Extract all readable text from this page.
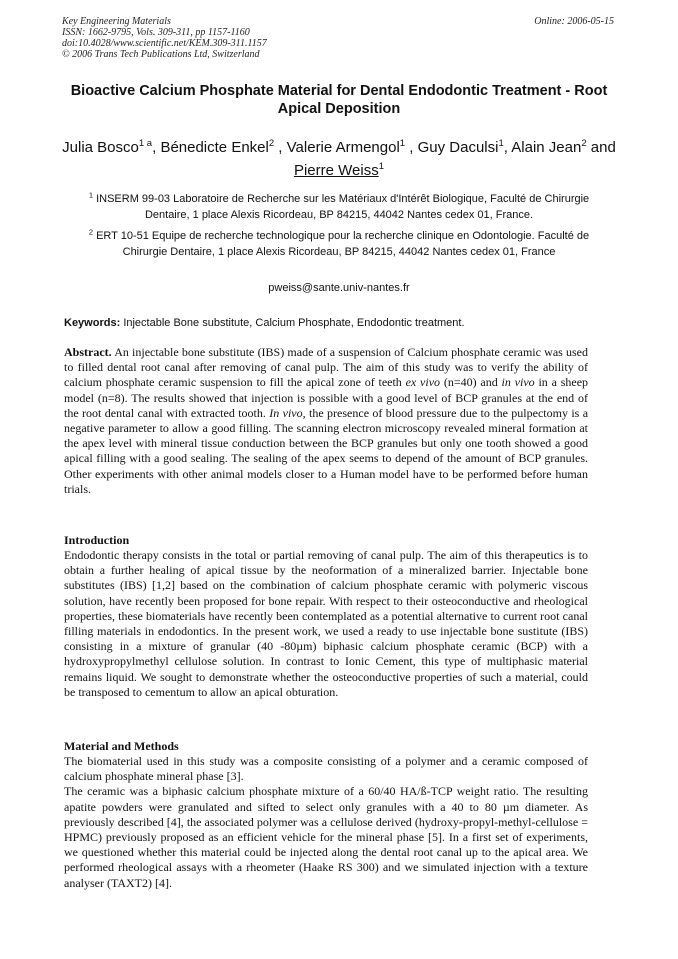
Key Engineering Materials
ISSN: 1662-9795, Vols. 309-311, pp 1157-1160
doi:10.4028/www.scientific.net/KEM.309-311.1157
© 2006 Trans Tech Publications Ltd, Switzerland
Online: 2006-05-15
Bioactive Calcium Phosphate Material for Dental Endodontic Treatment - Root Apical Deposition
Julia Bosco$^{1 a}$, Bénedicte Enkel$^2$ , Valerie Armengol$^1$ , Guy Daculsi$^1$, Alain Jean$^2$ and Pierre Weiss$^1$
$^1$ INSERM 99-03 Laboratoire de Recherche sur les Matériaux d'Intérêt Biologique, Faculté de Chirurgie Dentaire, 1 place Alexis Ricordeau, BP 84215, 44042 Nantes cedex 01, France.
$^2$ ERT 10-51 Equipe de recherche technologique pour la recherche clinique en Odontologie. Faculté de Chirurgie Dentaire, 1 place Alexis Ricordeau, BP 84215, 44042 Nantes cedex 01, France
pweiss@sante.univ-nantes.fr
Keywords: Injectable Bone substitute, Calcium Phosphate, Endodontic treatment.
Abstract. An injectable bone substitute (IBS) made of a suspension of Calcium phosphate ceramic was used to filled dental root canal after removing of canal pulp. The aim of this study was to verify the ability of calcium phosphate ceramic suspension to fill the apical zone of teeth ex vivo (n=40) and in vivo in a sheep model (n=8). The results showed that injection is possible with a good level of BCP granules at the end of the root dental canal with extracted tooth. In vivo, the presence of blood pressure due to the pulpectomy is a negative parameter to allow a good filling. The scanning electron microscopy revealed mineral formation at the apex level with mineral tissue conduction between the BCP granules but only one tooth showed a good apical filling with a good sealing. The sealing of the apex seems to depend of the amount of BCP granules. Other experiments with other animal models closer to a Human model have to be performed before human trials.
Introduction
Endodontic therapy consists in the total or partial removing of canal pulp. The aim of this therapeutics is to obtain a further healing of apical tissue by the neoformation of a mineralized barrier. Injectable bone substitutes (IBS) [1,2] based on the combination of calcium phosphate ceramic with polymeric viscous solution, have recently been proposed for bone repair. With respect to their osteoconductive and rheological properties, these biomaterials have recently been contemplated as a potential alternative to current root canal filling materials in endodontics. In the present work, we used a ready to use injectable bone sustitute (IBS) consisting in a mixture of granular (40 -80µm) biphasic calcium phosphate ceramic (BCP) with a hydroxypropylmethyl cellulose solution. In contrast to Ionic Cement, this type of multiphasic material remains liquid. We sought to demonstrate whether the osteoconductive properties of such a material, could be transposed to cementum to allow an apical obturation.
Material and Methods

The biomaterial used in this study was a composite consisting of a polymer and a ceramic composed of calcium phosphate mineral phase [3].

The ceramic was a biphasic calcium phosphate mixture of a 60/40 HA/ß-TCP weight ratio. The resulting apatite powders were granulated and sifted to select only granules with a 40 to 80 µm diameter. As previously described [4], the associated polymer was a cellulose derived (hydroxy-propyl-methyl-cellulose = HPMC) previously proposed as an efficient vehicle for the mineral phase [5]. In a first set of experiments, we questioned whether this material could be injected along the dental root canal up to the apical area. We performed rheological assays with a rheometer (Haake RS 300) and we simulated injection with a texture analyser (TAXT2) [4].
